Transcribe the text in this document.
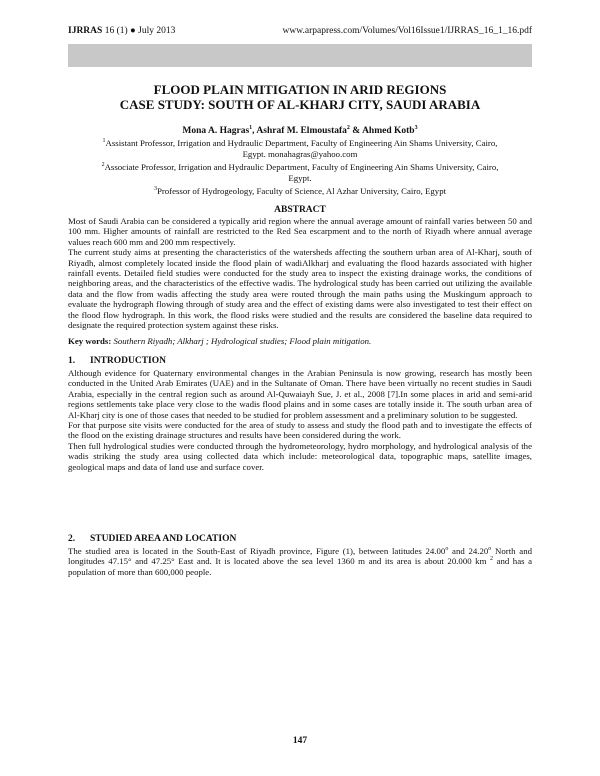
IJRRAS 16 (1) ● July 2013	www.arpapress.com/Volumes/Vol16Issue1/IJRRAS_16_1_16.pdf
FLOOD PLAIN MITIGATION IN ARID REGIONS
CASE STUDY: SOUTH OF AL-KHARJ CITY, SAUDI ARABIA
Mona A. Hagras$^1$, Ashraf M. Elmoustafa$^2$ & Ahmed Kotb$^3$
$^1$Assistant Professor, Irrigation and Hydraulic Department, Faculty of Engineering Ain Shams University, Cairo,
Egypt. monahagras@yahoo.com
$^2$Associate Professor, Irrigation and Hydraulic Department, Faculty of Engineering Ain Shams University, Cairo,
Egypt.
$^3$Professor of Hydrogeology, Faculty of Science, Al Azhar University, Cairo, Egypt
ABSTRACT

Most of Saudi Arabia can be considered a typically arid region where the annual average amount of rainfall varies between 50 and 100 mm. Higher amounts of rainfall are restricted to the Red Sea escarpment and to the north of Riyadh where annual average values reach 600 mm and 200 mm respectively.

The current study aims at presenting the characteristics of the watersheds affecting the southern urban area of Al-Kharj, south of Riyadh, almost completely located inside the flood plain of wadiAlkharj and evaluating the flood hazards associated with higher rainfall events. Detailed field studies were conducted for the study area to inspect the existing drainage works, the conditions of neighboring areas, and the characteristics of the effective wadis. The hydrological study has been carried out utilizing the available data and the flow from wadis affecting the study area were routed through the main paths using the Muskingum approach to evaluate the hydrograph flowing through of study area and the effect of existing dams were also investigated to test their effect on the flood flow hydrograph. In this work, the flood risks were studied and the results are considered the baseline data required to designate the required protection system against these risks.

Key words: Southern Riyadh; Alkharj ; Hydrological studies; Flood plain mitigation.
1. INTRODUCTION

Although evidence for Quaternary environmental changes in the Arabian Peninsula is now growing, research has mostly been conducted in the United Arab Emirates (UAE) and in the Sultanate of Oman. There have been virtually no recent studies in Saudi Arabia, especially in the central region such as around Al-Quwaiayh Sue, J. et al., 2008 [7].In some places in arid and semi-arid regions settlements take place very close to the wadis flood plains and in some cases are totally inside it. The south urban area of Al-Kharj city is one of those cases that needed to be studied for problem assessment and a preliminary solution to be suggested.

For that purpose site visits were conducted for the area of study to assess and study the flood path and to investigate the effects of the flood on the existing drainage structures and results have been considered during the work.

Then full hydrological studies were conducted through the hydrometeorology, hydro morphology, and hydrological analysis of the wadis striking the study area using collected data which include: meteorological data, topographic maps, satellite images, geological maps and data of land use and surface cover.

2. STUDIED AREA AND LOCATION

The studied area is located in the South-East of Riyadh province, Figure (1), between latitudes 24.00$^o$ and 24.20$^o$ North and longitudes 47.15° and 47.25° East and. It is located above the sea level 1360 m and its area is about 20.000 km $^2$ and has a population of more than 600,000 people.

147
